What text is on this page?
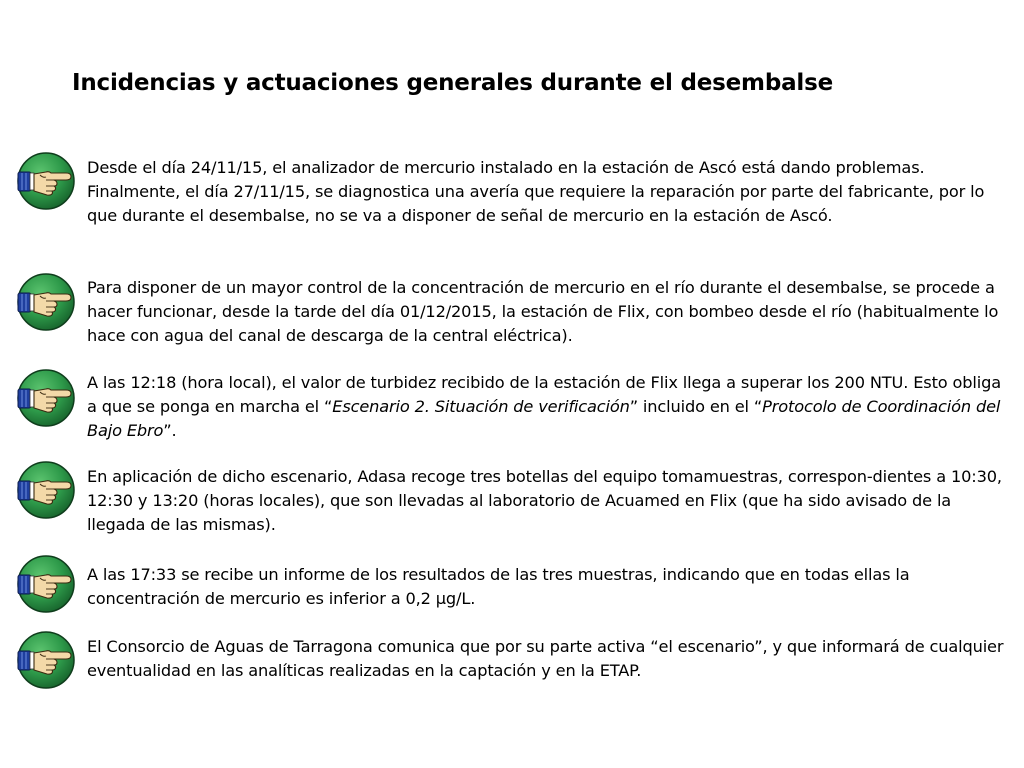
Incidencias y actuaciones generales durante el desembalse

Desde el día 24/11/15, el analizador de mercurio instalado en la estación de Ascó está dando problemas. Finalmente, el día 27/11/15, se diagnostica una avería que requiere la reparación por parte del fabricante, por lo que durante el desembalse, no se va a disponer de señal de mercurio en la estación de Ascó.

Para disponer de un mayor control de la concentración de mercurio en el río durante el desembalse, se procede a hacer funcionar, desde la tarde del día 01/12/2015, la estación de Flix, con bombeo desde el río (habitualmente lo hace con agua del canal de descarga de la central eléctrica).

A las 12:18 (hora local), el valor de turbidez recibido de la estación de Flix llega a superar los 200 NTU. Esto obliga a que se ponga en marcha el “Escenario 2. Situación de verificación” incluido en el “Protocolo de Coordinación del Bajo Ebro”.

En aplicación de dicho escenario, Adasa recoge tres botellas del equipo tomamuestras, correspon-dientes a 10:30, 12:30 y 13:20 (horas locales), que son llevadas al laboratorio de Acuamed en Flix (que ha sido avisado de la llegada de las mismas).

A las 17:33 se recibe un informe de los resultados de las tres muestras, indicando que en todas ellas la concentración de mercurio es inferior a 0,2 µg/L.

El Consorcio de Aguas de Tarragona comunica que por su parte activa “el escenario”, y que informará de cualquier eventualidad en las analíticas realizadas en la captación y en la ETAP.
